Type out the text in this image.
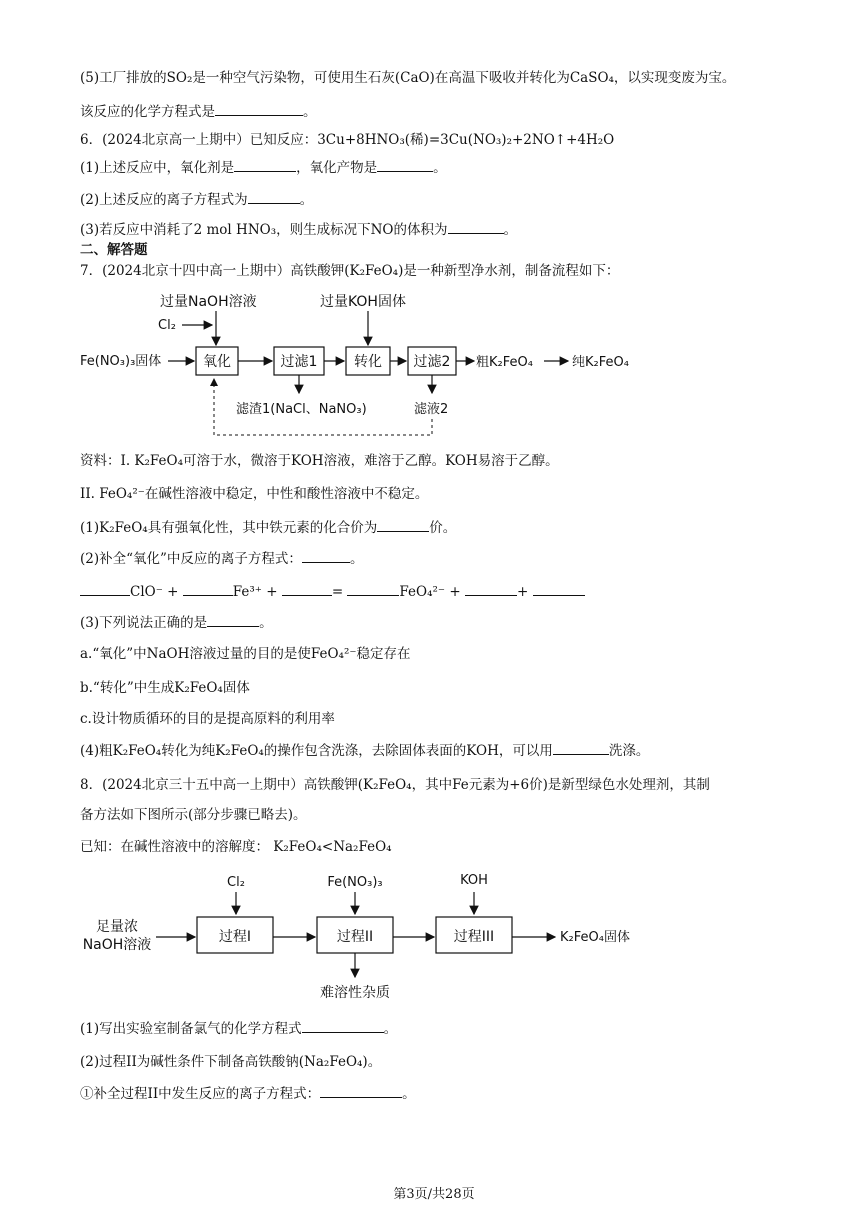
(5)工厂排放的SO₂是一种空气污染物，可使用生石灰(CaO)在高温下吸收并转化为CaSO₄，以实现变废为宝。
该反应的化学方程式是	。
6．(2024北京高一上期中）已知反应：3Cu+8HNO₃(稀)=3Cu(NO₃)₂+2NO↑+4H₂O
(1)上述反应中，氧化剂是	，氧化产物是	。
(2)上述反应的离子方程式为	。
(3)若反应中消耗了2 mol HNO₃，则生成标况下NO的体积为	。
二、解答题
7．(2024北京十四中高一上期中）高铁酸钾(K₂FeO₄)是一种新型净水剂，制备流程如下：
过量NaOH溶液	过量KOH固体
Cl₂
Fe(NO₃)₃固体	氧化	过滤1	转化 过滤2 粗K₂FeO₄	纯K₂FeO₄
滤渣1(NaCl、NaNO₃)	滤液2
资料：I. K₂FeO₄可溶于水，微溶于KOH溶液，难溶于乙醇。KOH易溶于乙醇。
II. FeO₄²⁻在碱性溶液中稳定，中性和酸性溶液中不稳定。
(1)K₂FeO₄具有强氧化性，其中铁元素的化合价为	价。
(2)补全“氧化”中反应的离子方程式：	。
ClO⁻ +	Fe³⁺ +	=	FeO₄²⁻ +	+
(3)下列说法正确的是	。
a.“氧化”中NaOH溶液过量的目的是使FeO₄²⁻稳定存在
b.“转化”中生成K₂FeO₄固体
c.设计物质循环的目的是提高原料的利用率
(4)粗K₂FeO₄转化为纯K₂FeO₄的操作包含洗涤，去除固体表面的KOH，可以用	洗涤。
8．(2024北京三十五中高一上期中）高铁酸钾(K₂FeO₄，其中Fe元素为+6价)是新型绿色水处理剂，其制
备方法如下图所示(部分步骤已略去)。
已知：在碱性溶液中的溶解度： K₂FeO₄<Na₂FeO₄
Cl₂	Fe(NO₃)₃	KOH
足量浓
NaOH溶液	过程I	过程II	过程III	K₂FeO₄固体
难溶性杂质
(1)写出实验室制备氯气的化学方程式	。
(2)过程II为碱性条件下制备高铁酸钠(Na₂FeO₄)。
①补全过程II中发生反应的离子方程式：	。
第3页/共28页
